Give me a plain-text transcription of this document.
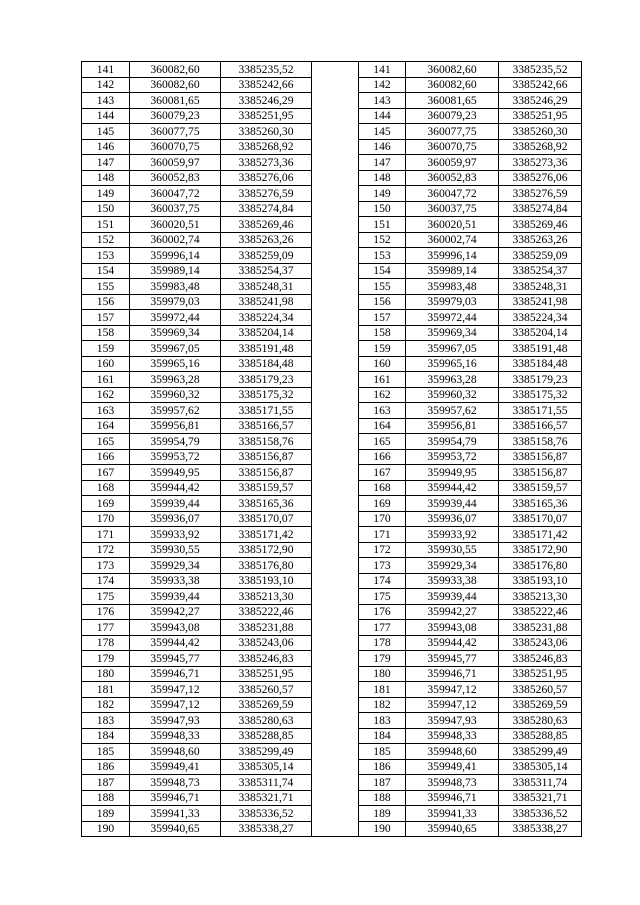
141	360082,60	3385235,52		141	360082,60	3385235,52
142	360082,60	3385242,66		142	360082,60	3385242,66
143	360081,65	3385246,29		143	360081,65	3385246,29
144	360079,23	3385251,95		144	360079,23	3385251,95
145	360077,75	3385260,30		145	360077,75	3385260,30
146	360070,75	3385268,92		146	360070,75	3385268,92
147	360059,97	3385273,36		147	360059,97	3385273,36
148	360052,83	3385276,06		148	360052,83	3385276,06
149	360047,72	3385276,59		149	360047,72	3385276,59
150	360037,75	3385274,84		150	360037,75	3385274,84
151	360020,51	3385269,46		151	360020,51	3385269,46
152	360002,74	3385263,26		152	360002,74	3385263,26
153	359996,14	3385259,09		153	359996,14	3385259,09
154	359989,14	3385254,37		154	359989,14	3385254,37
155	359983,48	3385248,31		155	359983,48	3385248,31
156	359979,03	3385241,98		156	359979,03	3385241,98
157	359972,44	3385224,34		157	359972,44	3385224,34
158	359969,34	3385204,14		158	359969,34	3385204,14
159	359967,05	3385191,48		159	359967,05	3385191,48
160	359965,16	3385184,48		160	359965,16	3385184,48
161	359963,28	3385179,23		161	359963,28	3385179,23
162	359960,32	3385175,32		162	359960,32	3385175,32
163	359957,62	3385171,55		163	359957,62	3385171,55
164	359956,81	3385166,57		164	359956,81	3385166,57
165	359954,79	3385158,76		165	359954,79	3385158,76
166	359953,72	3385156,87		166	359953,72	3385156,87
167	359949,95	3385156,87		167	359949,95	3385156,87
168	359944,42	3385159,57		168	359944,42	3385159,57
169	359939,44	3385165,36		169	359939,44	3385165,36
170	359936,07	3385170,07		170	359936,07	3385170,07
171	359933,92	3385171,42		171	359933,92	3385171,42
172	359930,55	3385172,90		172	359930,55	3385172,90
173	359929,34	3385176,80		173	359929,34	3385176,80
174	359933,38	3385193,10		174	359933,38	3385193,10
175	359939,44	3385213,30		175	359939,44	3385213,30
176	359942,27	3385222,46		176	359942,27	3385222,46
177	359943,08	3385231,88		177	359943,08	3385231,88
178	359944,42	3385243,06		178	359944,42	3385243,06
179	359945,77	3385246,83		179	359945,77	3385246,83
180	359946,71	3385251,95		180	359946,71	3385251,95
181	359947,12	3385260,57		181	359947,12	3385260,57
182	359947,12	3385269,59		182	359947,12	3385269,59
183	359947,93	3385280,63		183	359947,93	3385280,63
184	359948,33	3385288,85		184	359948,33	3385288,85
185	359948,60	3385299,49		185	359948,60	3385299,49
186	359949,41	3385305,14		186	359949,41	3385305,14
187	359948,73	3385311,74		187	359948,73	3385311,74
188	359946,71	3385321,71		188	359946,71	3385321,71
189	359941,33	3385336,52		189	359941,33	3385336,52
190	359940,65	3385338,27		190	359940,65	3385338,27
